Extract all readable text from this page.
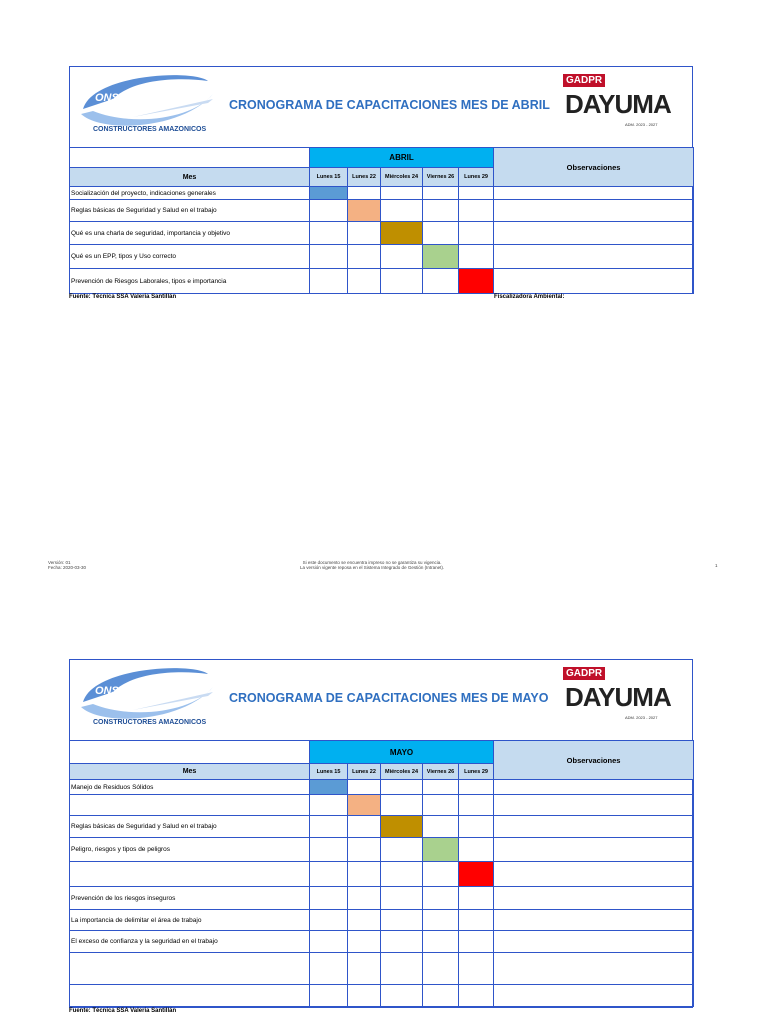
ONSORCIO
CONSTRUCTORES AMAZONICOS
CRONOGRAMA DE CAPACITACIONES MES DE ABRIL
GADPR
DAYUMA
ADM. 2023 - 2027
	ABRIL					Observaciones
Mes	Lunes 15	Lunes 22	Miércoles 24	Viernes 26	Lunes 29	
Socialización del proyecto, indicaciones generales						
Reglas básicas de Seguridad y Salud en el trabajo						
Qué es una charla de seguridad, importancia y objetivo						
Qué es un EPP, tipos y Uso correcto						
Prevención de Riesgos Laborales, tipos e importancia						
Fuente: Técnica SSA Valeria Santillán	Fiscalizadora Ambiental:
Versión: 01
Fecha: 2020-03-30
Si este documento se encuentra impreso no se garantiza su vigencia.
La versión vigente reposa en el Sistema Integrado de Gestión (Intranet).	1
ONSORCIO
CONSTRUCTORES AMAZONICOS
CRONOGRAMA DE CAPACITACIONES MES DE MAYO
GADPR
DAYUMA
ADM. 2023 - 2027
	MAYO					Observaciones
Mes	Lunes 15	Lunes 22	Miércoles 24	Viernes 26	Lunes 29	
Manejo de Residuos Sólidos						

Reglas básicas de Seguridad y Salud en el trabajo						
Peligro, riesgos y tipos de peligros						

Prevención de los riesgos inseguros						
La importancia de delimitar el área de trabajo						
El exceso de confianza y la seguridad en el trabajo						

Fuente: Técnica SSA Valeria Santillán
